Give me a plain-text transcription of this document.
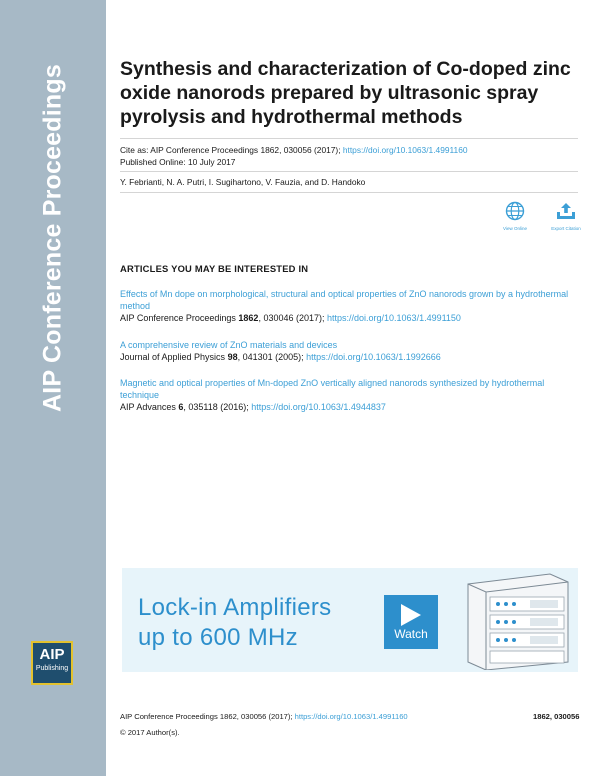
AIP Conference Proceedings
AIP
Publishing
Synthesis and characterization of Co-doped zinc oxide nanorods prepared by ultrasonic spray pyrolysis and hydrothermal methods
Cite as: AIP Conference Proceedings 1862, 030056 (2017); https://doi.org/10.1063/1.4991160
Published Online: 10 July 2017
Y. Febrianti, N. A. Putri, I. Sugihartono, V. Fauzia, and D. Handoko
View Online	Export Citation
ARTICLES YOU MAY BE INTERESTED IN
Effects of Mn dope on morphological, structural and optical properties of ZnO nanorods grown by a hydrothermal method
AIP Conference Proceedings 1862, 030046 (2017); https://doi.org/10.1063/1.4991150
A comprehensive review of ZnO materials and devices
Journal of Applied Physics 98, 041301 (2005); https://doi.org/10.1063/1.1992666
Magnetic and optical properties of Mn-doped ZnO vertically aligned nanorods synthesized by hydrothermal technique
AIP Advances 6, 035118 (2016); https://doi.org/10.1063/1.4944837
Lock-in Amplifiers
up to 600 MHz	Watch
AIP Conference Proceedings 1862, 030056 (2017); https://doi.org/10.1063/1.4991160	1862, 030056
© 2017 Author(s).
